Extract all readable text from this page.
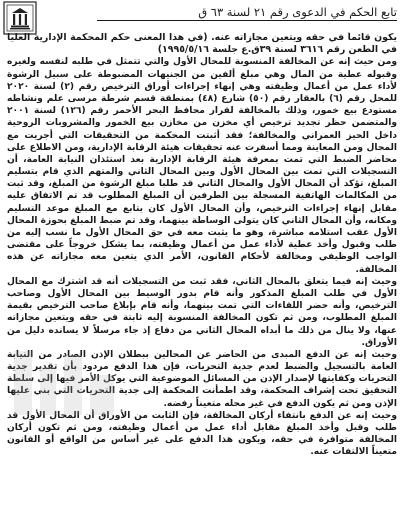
تابع الحكم في الدعوى رقم ٢١ لسنة ٦٣ ق

يكون قائماً في حقه ويتعين مجازاته عنه. (في هذا المعنى حكم المحكمة الإدارية العليا في الطعن رقم ٣٦١٦ لسنة ٣٩ق.ع جلسة ١٩٩٥/٥/١٦)

ومن حيث إنه عن المخالفة المنسوبة للمحال الأول والتي تتمثل في طلبه لنفسه ولغيره وقبوله عطية من المال وهي مبلغ ألفين من الجنيهات المضبوطة على سبيل الرشوة لأداء عمل من أعمال وظيفته وهي إنهاء إجراءات أوراق الترخيص رقم (٢) لسنة ٢٠٢٠ للمحل رقم (٦) بالعقار رقم (٥٠) شارع (٤٨) بمنطقة قسم شرطة مرسى علم ونشاطه مستودع بيع خمور، وذلك بالمخالفة لقرار محافظ البحر الأحمر رقم (١٢٦) لسنة ٢٠٠١ والمتضمن حظر تجديد ترخيص أي مخزن من مخازن بيع الخمور والمشروبات الروحية داخل الحيز العمراني والمخالفة؛ فقد أثبتت المحكمة من التحقيقات التي أجريت مع المحال ومن المعاينة ومما أسفرت عنه تحقيقات هيئة الرقابة الإدارية، ومن الاطلاع على محاضر الضبط التي تمت بمعرفة هيئة الرقابة الإدارية بعد استئذان النيابة العامة، أن التسجيلات التي تمت بين المحال الأول وبين المحال الثاني والمتهم الذي قام بتسليم المبلغ، تؤكد أن المحال الأول والمحال الثاني قد طلبا مبلغ الرشوة من المبلغ، وقد ثبت من المكالمات الهاتفية المسجلة بين الطرفين أن المبلغ المطلوب قد تم الاتفاق عليه مقابل إنهاء إجراءات الترخيص، وأن المحال الأول كان يتابع مع المبلغ موعد التسليم ومكانه، وأن المحال الثاني كان يتولى الوساطة بينهما، وقد تم ضبط المبلغ بحوزة المحال الأول عقب استلامه مباشرة، وهو ما يثبت معه في حق المحال الأول ما نسب إليه من طلب وقبول وأخذ عطية لأداء عمل من أعمال وظيفته، بما يشكل خروجاً على مقتضى الواجب الوظيفي ومخالفة لأحكام القانون، الأمر الذي يتعين معه مجازاته عن هذه المخالفة.

وحيث إنه فيما يتعلق بالمحال الثاني، فقد ثبت من التسجيلات أنه قد اشترك مع المحال الأول في طلب المبلغ المذكور وأنه قام بدور الوسيط بين المحال الأول وصاحب الترخيص، وأنه حضر اللقاءات التي تمت بينهما، وأنه قام بإبلاغ صاحب الترخيص بقيمة المبلغ المطلوب، ومن ثم تكون المخالفة المنسوبة إليه ثابتة في حقه ويتعين مجازاته عنها، ولا ينال من ذلك ما أبداه المحال الثاني من دفاع إذ جاء مرسلاً لا يسانده دليل من الأوراق.

وحيث إنه عن الدفع المبدى من الحاضر عن المحالين ببطلان الإذن الصادر من النيابة العامة بالتسجيل والضبط لعدم جدية التحريات، فإن هذا الدفع مردود بأن تقدير جدية التحريات وكفايتها لإصدار الإذن من المسائل الموضوعية التي يوكل الأمر فيها إلى سلطة التحقيق تحت إشراف المحكمة، وقد اطمأنت المحكمة إلى جدية التحريات التي بني عليها الإذن ومن ثم يكون الدفع في غير محله متعيناً رفضه.

وحيث إنه عن الدفع بانتفاء أركان المخالفة، فإن الثابت من الأوراق أن المحال الأول قد طلب وقبل وأخذ المبلغ مقابل أداء عمل من أعمال وظيفته، ومن ثم تكون أركان المخالفة متوافرة في حقه، ويكون هذا الدفع على غير أساس من الواقع أو القانون متعيناً الالتفات عنه.
